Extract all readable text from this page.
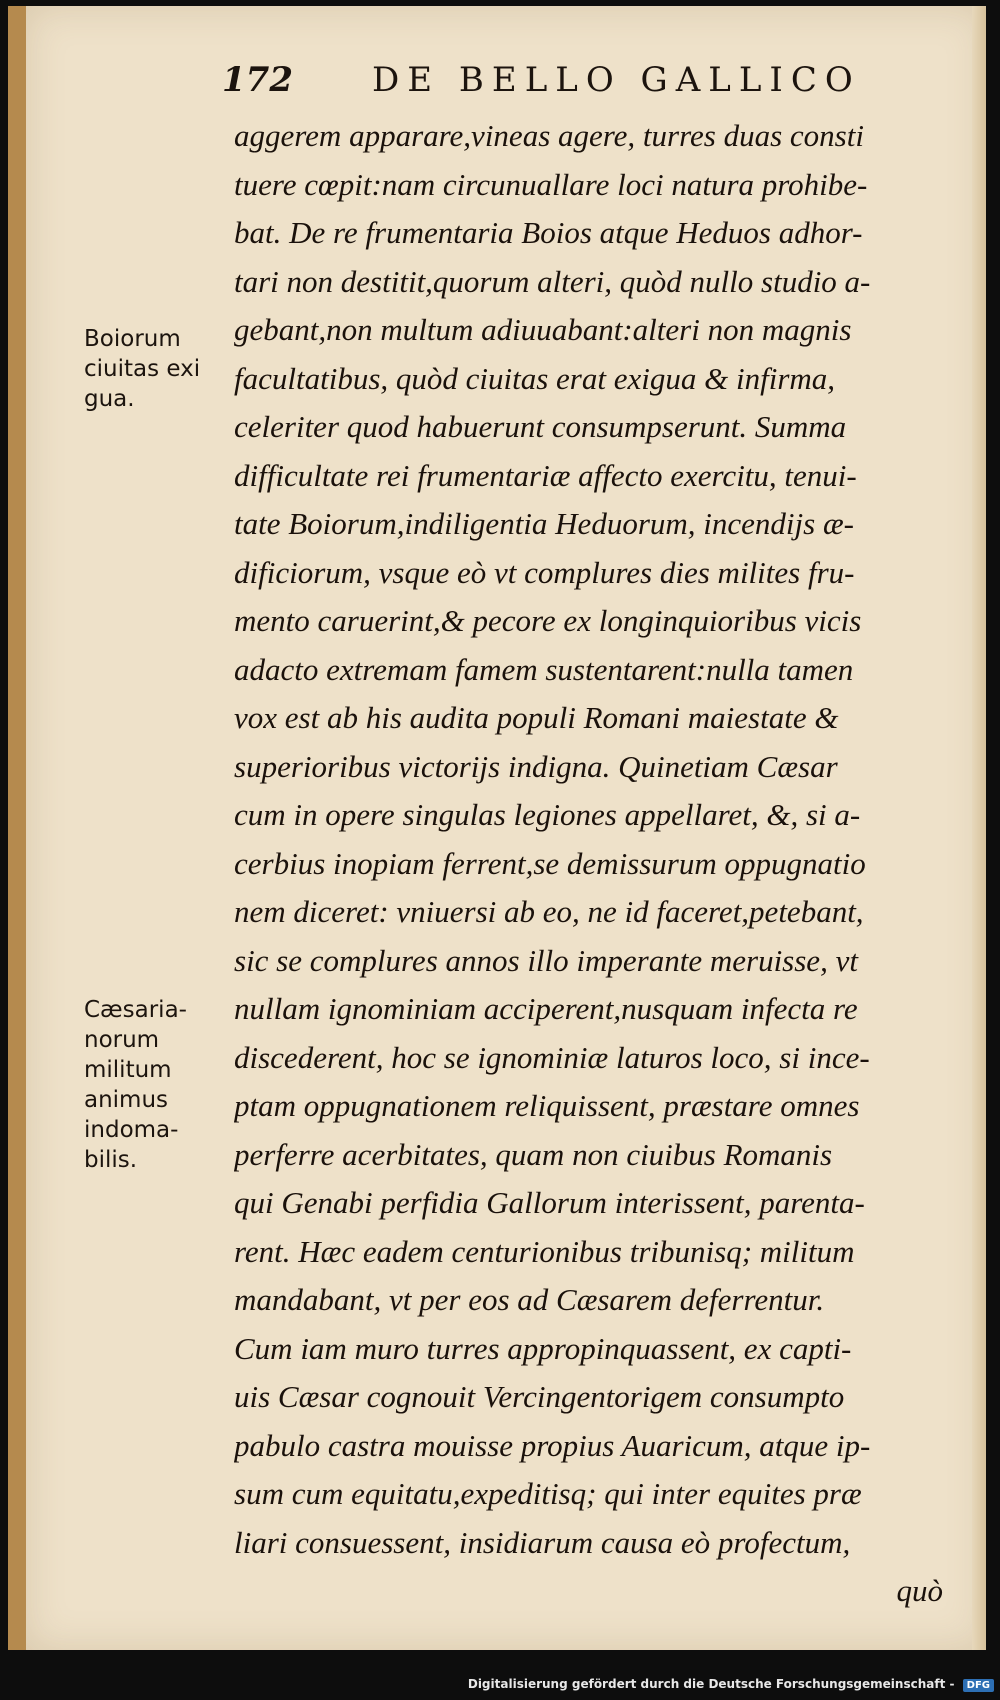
172 DE BELLO GALLICO
aggerem apparare,vineas agere, turres duas consti
tuere cœpit:nam circunuallare loci natura prohibe-
bat. De re frumentaria Boios atque Heduos adhor-
tari non destitit,quorum alteri, quòd nullo studio a-
gebant,non multum adiuuabant:alteri non magnis
facultatibus, quòd ciuitas erat exigua & infirma,
celeriter quod habuerunt consumpserunt. Summa
difficultate rei frumentariæ affecto exercitu, tenui-
tate Boiorum,indiligentia Heduorum, incendijs æ-
dificiorum, vsque eò vt complures dies milites fru-
mento caruerint,& pecore ex longinquioribus vicis
adacto extremam famem sustentarent:nulla tamen
vox est ab his audita populi Romani maiestate &
superioribus victorijs indigna. Quinetiam Cæsar
cum in opere singulas legiones appellaret, &, si a-
cerbius inopiam ferrent,se demissurum oppugnatio
nem diceret: vniuersi ab eo, ne id faceret,petebant,
sic se complures annos illo imperante meruisse, vt
nullam ignominiam acciperent,nusquam infecta re
discederent, hoc se ignominiæ laturos loco, si ince-
ptam oppugnationem reliquissent, præstare omnes
perferre acerbitates, quam non ciuibus Romanis
qui Genabi perfidia Gallorum interissent, parenta-
rent. Hæc eadem centurionibus tribunisq; militum
mandabant, vt per eos ad Cæsarem deferrentur.
Cum iam muro turres appropinquassent, ex capti-
uis Cæsar cognouit Vercingentorigem consumpto
pabulo castra mouisse propius Auaricum, atque ip-
sum cum equitatu,expeditisq; qui inter equites præ
liari consuessent, insidiarum causa eò profectum,
quò
Boiorum
ciuitas exi
gua.
Cæsaria-
norum
militum
animus
indoma-
bilis.
Digitalisierung gefördert durch die Deutsche Forschungsgemeinschaft - DFG
